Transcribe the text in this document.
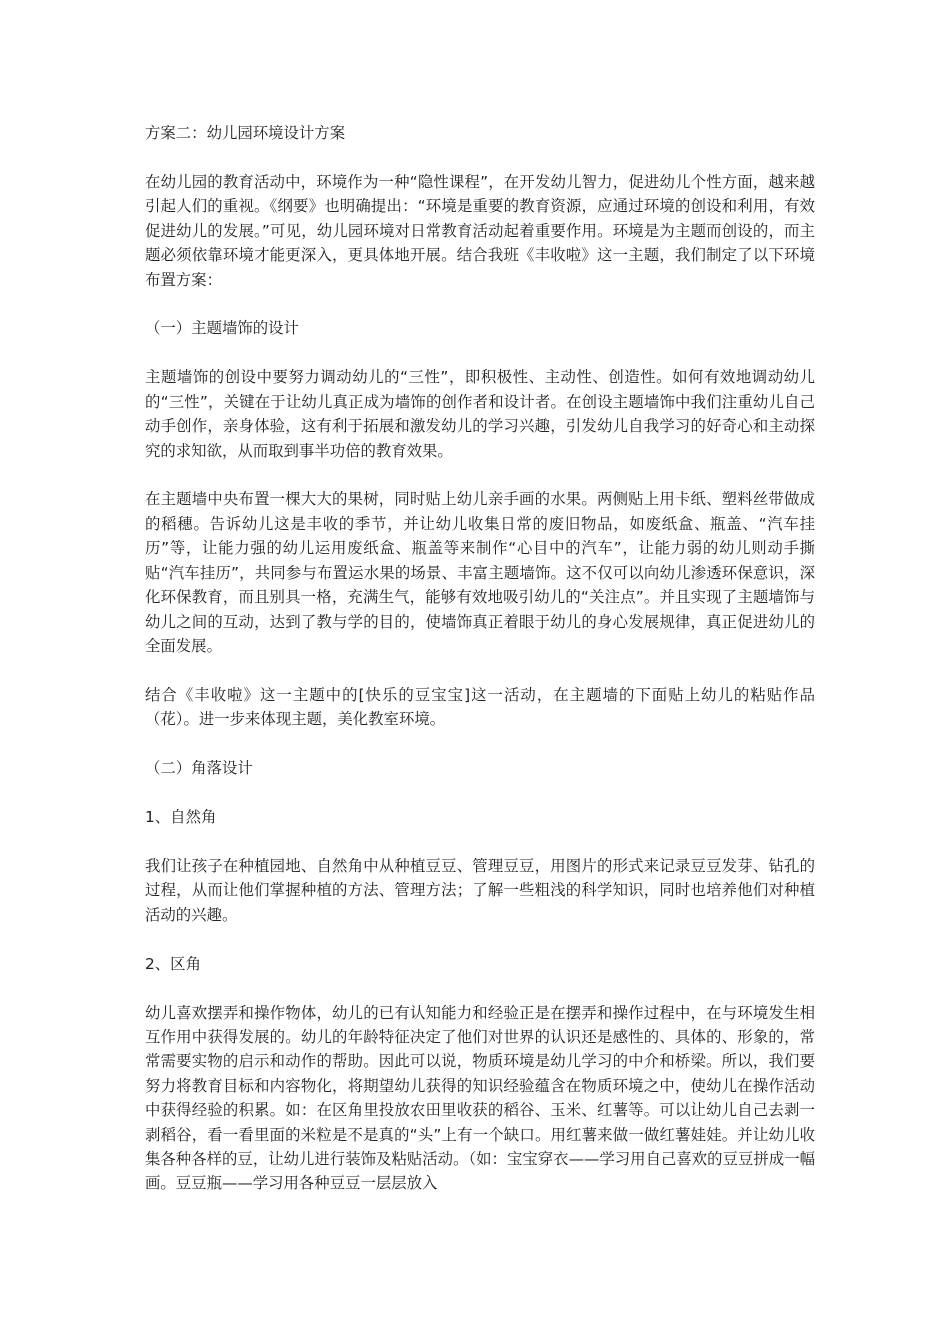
方案二：幼儿园环境设计方案

在幼儿园的教育活动中，环境作为一种“隐性课程”，在开发幼儿智力，促进幼儿个性方面，越来越引起人们的重视。《纲要》也明确提出：“环境是重要的教育资源，应通过环境的创设和利用，有效促进幼儿的发展。”可见，幼儿园环境对日常教育活动起着重要作用。环境是为主题而创设的，而主题必须依靠环境才能更深入，更具体地开展。结合我班《丰收啦》这一主题，我们制定了以下环境布置方案：

（一）主题墙饰的设计

主题墙饰的创设中要努力调动幼儿的“三性”，即积极性、主动性、创造性。如何有效地调动幼儿的“三性”，关键在于让幼儿真正成为墙饰的创作者和设计者。在创设主题墙饰中我们注重幼儿自己动手创作，亲身体验，这有利于拓展和激发幼儿的学习兴趣，引发幼儿自我学习的好奇心和主动探究的求知欲，从而取到事半功倍的教育效果。

在主题墙中央布置一棵大大的果树，同时贴上幼儿亲手画的水果。两侧贴上用卡纸、塑料丝带做成的稻穗。告诉幼儿这是丰收的季节，并让幼儿收集日常的废旧物品，如废纸盒、瓶盖、“汽车挂历”等，让能力强的幼儿运用废纸盒、瓶盖等来制作“心目中的汽车”，让能力弱的幼儿则动手撕贴“汽车挂历”，共同参与布置运水果的场景、丰富主题墙饰。这不仅可以向幼儿渗透环保意识，深化环保教育，而且别具一格，充满生气，能够有效地吸引幼儿的“关注点”。并且实现了主题墙饰与幼儿之间的互动，达到了教与学的目的，使墙饰真正着眼于幼儿的身心发展规律，真正促进幼儿的全面发展。

结合《丰收啦》这一主题中的[快乐的豆宝宝]这一活动，在主题墙的下面贴上幼儿的粘贴作品（花）。进一步来体现主题，美化教室环境。

（二）角落设计

1、自然角

我们让孩子在种植园地、自然角中从种植豆豆、管理豆豆，用图片的形式来记录豆豆发芽、钻孔的过程，从而让他们掌握种植的方法、管理方法；了解一些粗浅的科学知识，同时也培养他们对种植活动的兴趣。

2、区角

幼儿喜欢摆弄和操作物体，幼儿的已有认知能力和经验正是在摆弄和操作过程中，在与环境发生相互作用中获得发展的。幼儿的年龄特征决定了他们对世界的认识还是感性的、具体的、形象的，常常需要实物的启示和动作的帮助。因此可以说，物质环境是幼儿学习的中介和桥梁。所以，我们要努力将教育目标和内容物化，将期望幼儿获得的知识经验蕴含在物质环境之中，使幼儿在操作活动中获得经验的积累。如：在区角里投放农田里收获的稻谷、玉米、红薯等。可以让幼儿自己去剥一剥稻谷，看一看里面的米粒是不是真的“头”上有一个缺口。用红薯来做一做红薯娃娃。并让幼儿收集各种各样的豆，让幼儿进行装饰及粘贴活动。（如：宝宝穿衣——学习用自己喜欢的豆豆拼成一幅画。豆豆瓶——学习用各种豆豆一层层放入
